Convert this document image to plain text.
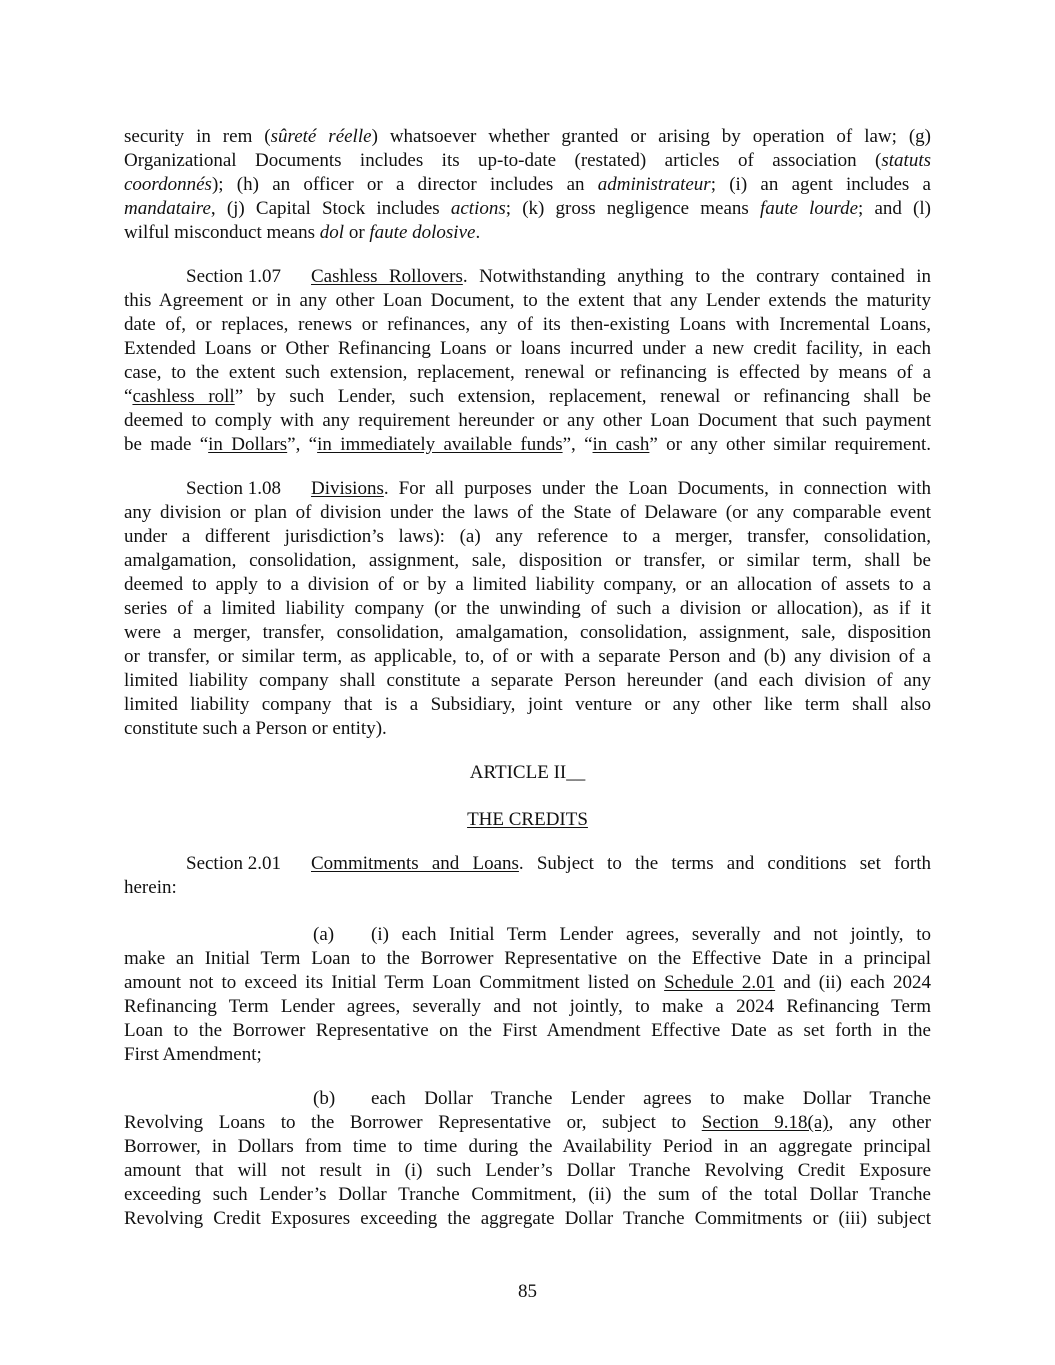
security in rem (sûreté réelle) whatsoever whether granted or arising by operation of law; (g)
Organizational Documents includes its up-to-date (restated) articles of association (statuts
coordonnés); (h) an officer or a director includes an administrateur; (i) an agent includes a
mandataire, (j) Capital Stock includes actions; (k) gross negligence means faute lourde; and (l)
wilful misconduct means dol or faute dolosive.
Section 1.07 Cashless Rollovers. Notwithstanding anything to the contrary contained in
this Agreement or in any other Loan Document, to the extent that any Lender extends the maturity
date of, or replaces, renews or refinances, any of its then-existing Loans with Incremental Loans,
Extended Loans or Other Refinancing Loans or loans incurred under a new credit facility, in each
case, to the extent such extension, replacement, renewal or refinancing is effected by means of a
“cashless roll” by such Lender, such extension, replacement, renewal or refinancing shall be
deemed to comply with any requirement hereunder or any other Loan Document that such payment
be made “in Dollars”, “in immediately available funds”, “in cash” or any other similar requirement.
Section 1.08 Divisions. For all purposes under the Loan Documents, in connection with
any division or plan of division under the laws of the State of Delaware (or any comparable event
under a different jurisdiction’s laws): (a) any reference to a merger, transfer, consolidation,
amalgamation, consolidation, assignment, sale, disposition or transfer, or similar term, shall be
deemed to apply to a division of or by a limited liability company, or an allocation of assets to a
series of a limited liability company (or the unwinding of such a division or allocation), as if it
were a merger, transfer, consolidation, amalgamation, consolidation, assignment, sale, disposition
or transfer, or similar term, as applicable, to, of or with a separate Person and (b) any division of a
limited liability company shall constitute a separate Person hereunder (and each division of any
limited liability company that is a Subsidiary, joint venture or any other like term shall also
constitute such a Person or entity).
ARTICLE II__
THE CREDITS
Section 2.01 Commitments and Loans. Subject to the terms and conditions set forth
herein:
(a) (i) each Initial Term Lender agrees, severally and not jointly, to
make an Initial Term Loan to the Borrower Representative on the Effective Date in a principal
amount not to exceed its Initial Term Loan Commitment listed on Schedule 2.01 and (ii) each 2024
Refinancing Term Lender agrees, severally and not jointly, to make a 2024 Refinancing Term
Loan to the Borrower Representative on the First Amendment Effective Date as set forth in the
First Amendment;
(b) each Dollar Tranche Lender agrees to make Dollar Tranche
Revolving Loans to the Borrower Representative or, subject to Section 9.18(a), any other
Borrower, in Dollars from time to time during the Availability Period in an aggregate principal
amount that will not result in (i) such Lender’s Dollar Tranche Revolving Credit Exposure
exceeding such Lender’s Dollar Tranche Commitment, (ii) the sum of the total Dollar Tranche
Revolving Credit Exposures exceeding the aggregate Dollar Tranche Commitments or (iii) subject
85
